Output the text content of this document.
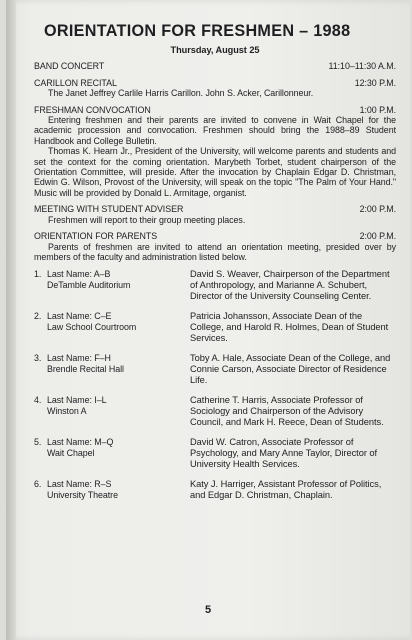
ORIENTATION FOR FRESHMEN – 1988
Thursday, August 25
BAND CONCERT	11:10–11:30 A.M.
CARILLON RECITAL	12:30 P.M.
The Janet Jeffrey Carlile Harris Carillon. John S. Acker, Carillonneur.
FRESHMAN CONVOCATION	1:00 P.M.
Entering freshmen and their parents are invited to convene in Wait Chapel for the academic procession and convocation. Freshmen should bring the 1988–89 Student Handbook and College Bulletin.
Thomas K. Hearn Jr., President of the University, will welcome parents and students and set the context for the coming orientation. Marybeth Torbet, student chairperson of the Orientation Committee, will preside. After the invocation by Chaplain Edgar D. Christman, Edwin G. Wilson, Provost of the University, will speak on the topic "The Palm of Your Hand." Music will be provided by Donald L. Armitage, organist.
MEETING WITH STUDENT ADVISER	2:00 P.M.
Freshmen will report to their group meeting places.
ORIENTATION FOR PARENTS	2:00 P.M.
Parents of freshmen are invited to attend an orientation meeting, presided over by members of the faculty and administration listed below.
1. Last Name: A–B
DeTamble Auditorium
David S. Weaver, Chairperson of the Department of Anthropology, and Marianne A. Schubert, Director of the University Counseling Center.
2. Last Name: C–E
Law School Courtroom
Patricia Johansson, Associate Dean of the College, and Harold R. Holmes, Dean of Student Services.
3. Last Name: F–H
Brendle Recital Hall
Toby A. Hale, Associate Dean of the College, and Connie Carson, Associate Director of Residence Life.
4. Last Name: I–L
Winston A
Catherine T. Harris, Associate Professor of Sociology and Chairperson of the Advisory Council, and Mark H. Reece, Dean of Students.
5. Last Name: M–Q
Wait Chapel
David W. Catron, Associate Professor of Psychology, and Mary Anne Taylor, Director of University Health Services.
6. Last Name: R–S
University Theatre
Katy J. Harriger, Assistant Professor of Politics, and Edgar D. Christman, Chaplain.
5
